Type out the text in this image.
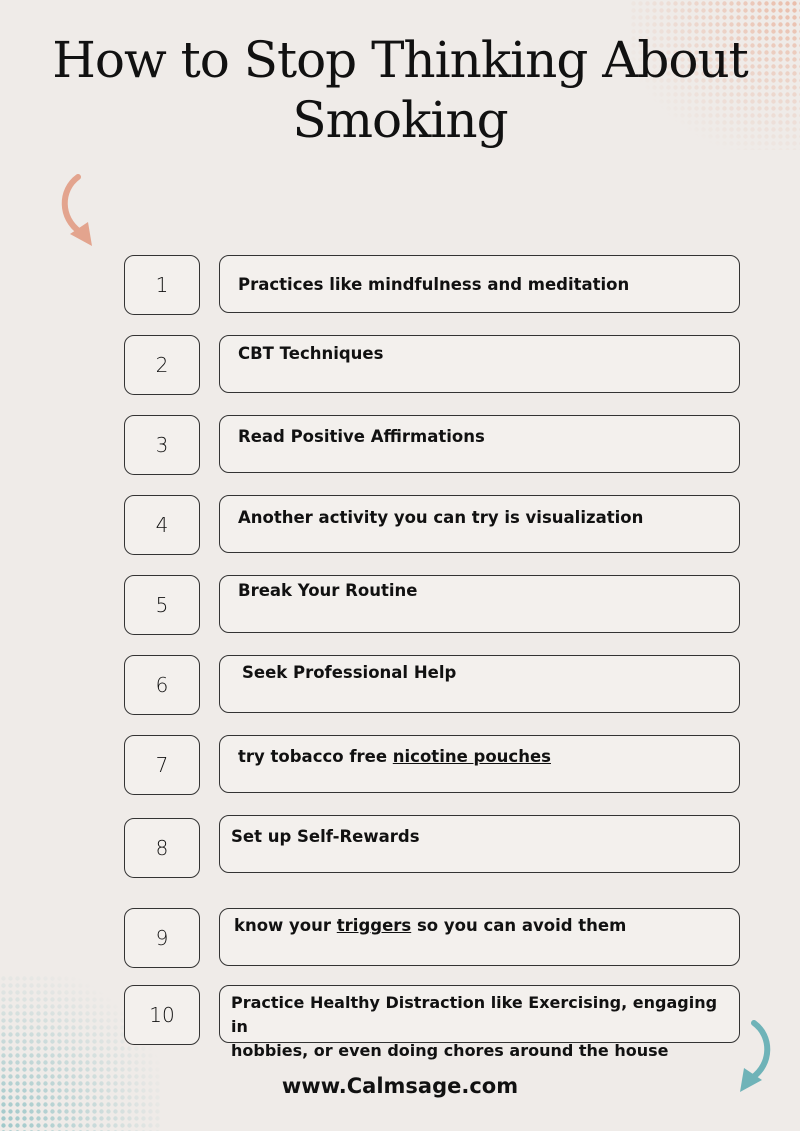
How to Stop Thinking About
Smoking
1	Practices like mindfulness and meditation
2	CBT Techniques
3	Read Positive Affirmations
4	Another activity you can try is visualization
5
Break Your Routine
6
Seek Professional Help
7	try tobacco free nicotine pouches
8	Set up Self-Rewards
9
know your triggers so you can avoid them
10
Practice Healthy Distraction like Exercising, engaging in
hobbies, or even doing chores around the house
www.Calmsage.com
